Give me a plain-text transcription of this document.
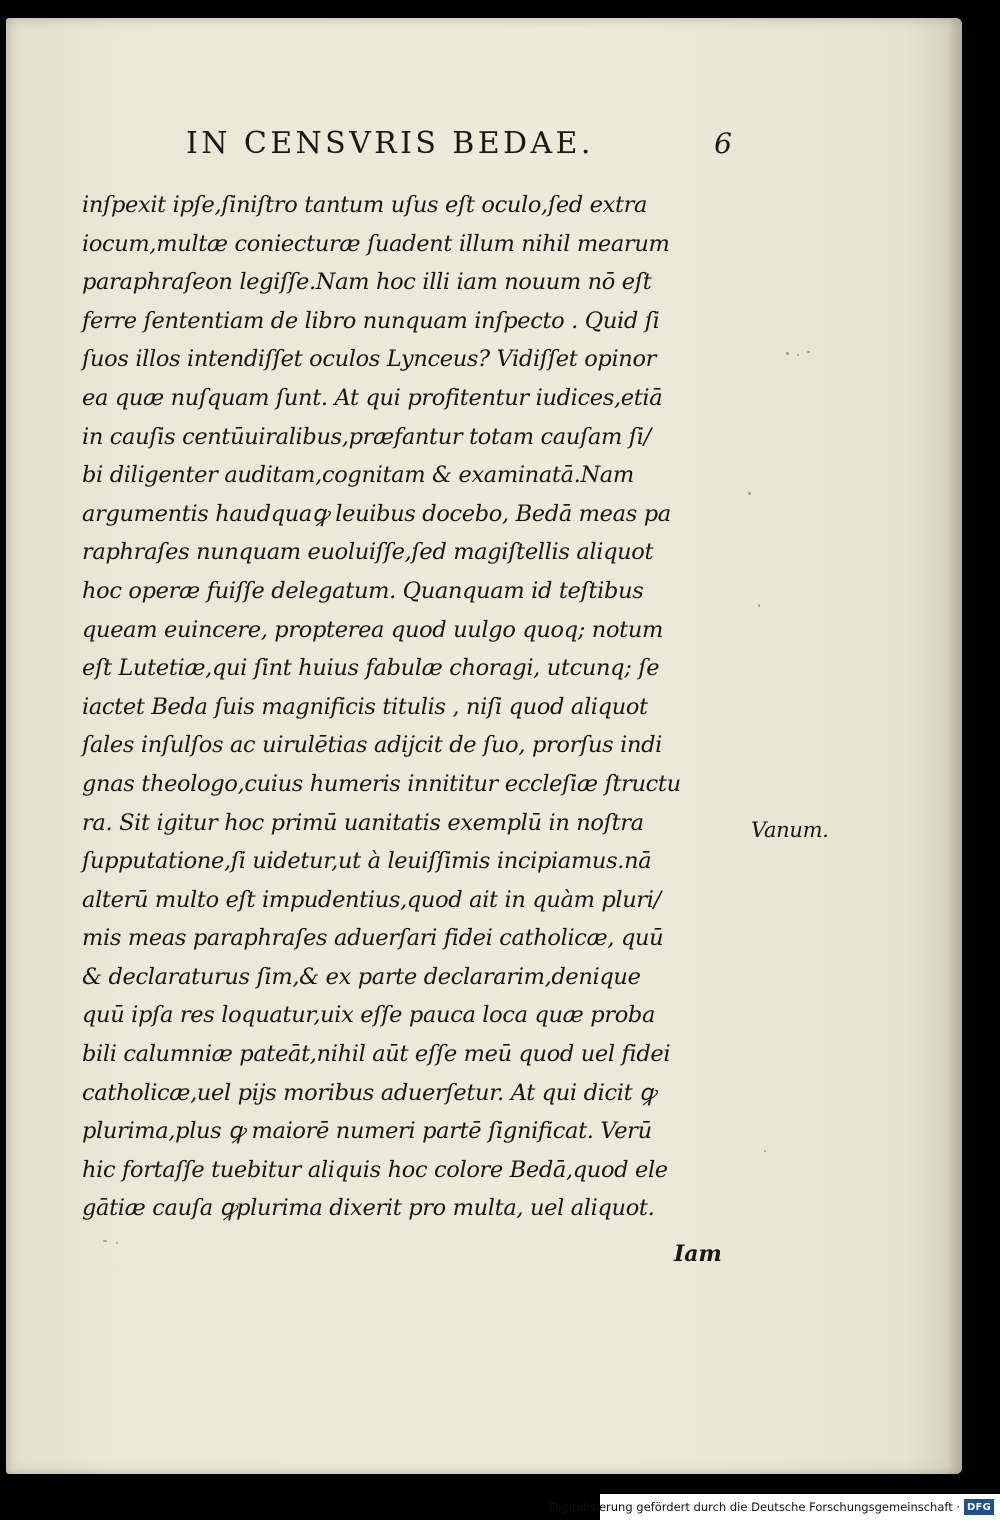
IN CENSVRIS BEDAE.	6
inſpexit ipſe,ſiniſtro tantum uſus eſt oculo,ſed extra
iocum,multæ coniecturæ ſuadent illum nihil mearum
paraphraſeon legiſſe.Nam hoc illi iam nouum nō eſt
ferre ſententiam de libro nunquam inſpecto . Quid ſi
ſuos illos intendiſſet oculos Lynceus? Vidiſſet opinor
ea quæ nuſquam ſunt. At qui profitentur iudices,etiā
in cauſis centūuiralibus,præfantur totam cauſam ſi/
bi diligenter auditam,cognitam & examinatā.Nam
argumentis haudquaꝙ leuibus docebo, Bedā meas pa
raphraſes nunquam euoluiſſe,ſed magiſtellis aliquot
hoc operæ fuiſſe delegatum. Quanquam id teſtibus
queam euincere, propterea quod uulgo quoq; notum
eſt Lutetiæ,qui ſint huius fabulæ choragi, utcunq; ſe
iactet Beda ſuis magnificis titulis , niſi quod aliquot
ſales inſulſos ac uirulētias adijcit de ſuo, prorſus indi
gnas theologo,cuius humeris innititur eccleſiæ ſtructu
ra. Sit igitur hoc primū uanitatis exemplū in noſtra
ſupputatione,ſi uidetur,ut à leuiſſimis incipiamus.nā
alterū multo eſt impudentius,quod ait in quàm pluri/
mis meas paraphraſes aduerſari fidei catholicæ, quū
& declaraturus ſim,& ex parte declararim,denique
quū ipſa res loquatur,uix eſſe pauca loca quæ proba
bili calumniæ pateāt,nihil aūt eſſe meū quod uel fidei
catholicæ,uel pijs moribus aduerſetur. At qui dicit ꝙ
plurima,plus ꝙ maiorē numeri partē ſignificat. Verū
hic fortaſſe tuebitur aliquis hoc colore Bedā,quod ele
gātiæ cauſa ꝙplurima dixerit pro multa, uel aliquot.
Iam
Vanum.
Digitalisierung gefördert durch die Deutsche Forschungsgemeinschaft · DFG
